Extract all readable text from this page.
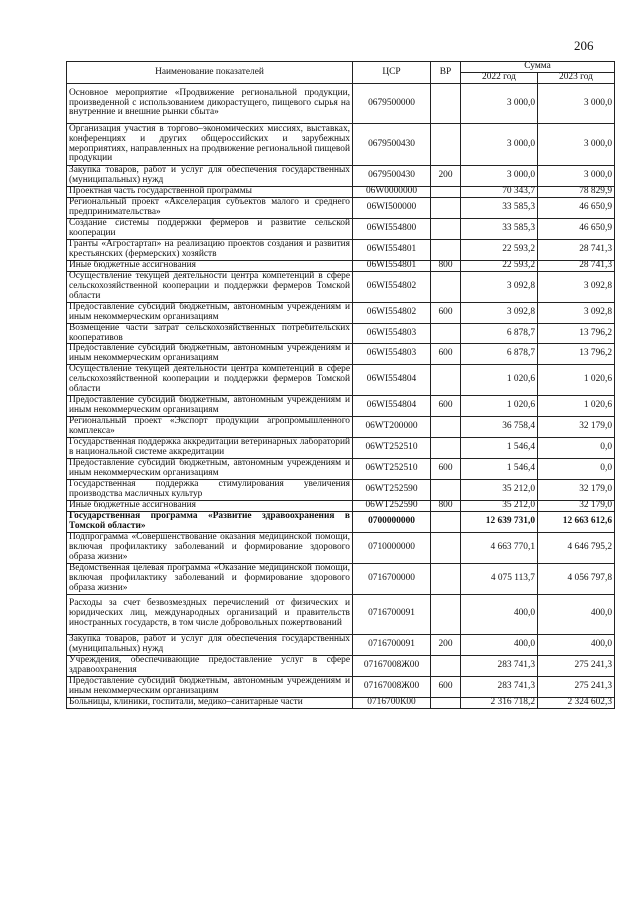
206
Наименование показателей	ЦСР	ВР	Сумма	
			2022 год	2023 год
Основное мероприятие «Продвижение региональной продукции, произведенной с использованием дикорастущего, пищевого сырья на внутренние и внешние рынки сбыта»	0679500000		3 000,0	3 000,0
Организация участия в торгово–экономических миссиях, выставках, конференциях и других общероссийских и зарубежных мероприятиях, направленных на продвижение региональной пищевой продукции	0679500430		3 000,0	3 000,0
Закупка товаров, работ и услуг для обеспечения государственных (муниципальных) нужд	0679500430	200	3 000,0	3 000,0
Проектная часть государственной программы	06W0000000		70 343,7	78 829,9
Региональный проект «Акселерация субъектов малого и среднего предпринимательства»	06WI500000		33 585,3	46 650,9
Создание системы поддержки фермеров и развитие сельской кооперации	06WI554800		33 585,3	46 650,9
Гранты «Агростартап» на реализацию проектов создания и развития крестьянских (фермерских) хозяйств	06WI554801		22 593,2	28 741,3
Иные бюджетные ассигнования	06WI554801	800	22 593,2	28 741,3
Осуществление текущей деятельности центра компетенций в сфере сельскохозяйственной кооперации и поддержки фермеров Томской области	06WI554802		3 092,8	3 092,8
Предоставление субсидий бюджетным, автономным учреждениям и иным некоммерческим организациям	06WI554802	600	3 092,8	3 092,8
Возмещение части затрат сельскохозяйственных потребительских кооперативов	06WI554803		6 878,7	13 796,2
Предоставление субсидий бюджетным, автономным учреждениям и иным некоммерческим организациям	06WI554803	600	6 878,7	13 796,2
Осуществление текущей деятельности центра компетенций в сфере сельскохозяйственной кооперации и поддержки фермеров Томской области	06WI554804		1 020,6	1 020,6
Предоставление субсидий бюджетным, автономным учреждениям и иным некоммерческим организациям	06WI554804	600	1 020,6	1 020,6
Региональный проект «Экспорт продукции агропромышленного комплекса»	06WT200000		36 758,4	32 179,0
Государственная поддержка аккредитации ветеринарных лабораторий в национальной системе аккредитации	06WT252510		1 546,4	0,0
Предоставление субсидий бюджетным, автономным учреждениям и иным некоммерческим организациям	06WT252510	600	1 546,4	0,0
Государственная поддержка стимулирования увеличения производства масличных культур	06WT252590		35 212,0	32 179,0
Иные бюджетные ассигнования	06WT252590	800	35 212,0	32 179,0
Государственная программа «Развитие здравоохранения в Томской области»	0700000000		12 639 731,0	12 663 612,6
Подпрограмма «Совершенствование оказания медицинской помощи, включая профилактику заболеваний и формирование здорового образа жизни»	0710000000		4 663 770,1	4 646 795,2
Ведомственная целевая программа «Оказание медицинской помощи, включая профилактику заболеваний и формирование здорового образа жизни»	0716700000		4 075 113,7	4 056 797,8
Расходы за счет безвозмездных перечислений от физических и юридических лиц, международных организаций и правительств иностранных государств, в том числе добровольных пожертвований	0716700091		400,0	400,0
Закупка товаров, работ и услуг для обеспечения государственных (муниципальных) нужд	0716700091	200	400,0	400,0
Учреждения, обеспечивающие предоставление услуг в сфере здравоохранения	07167008Ж00		283 741,3	275 241,3
Предоставление субсидий бюджетным, автономным учреждениям и иным некоммерческим организациям	07167008Ж00	600	283 741,3	275 241,3
Больницы, клиники, госпитали, медико–санитарные части	0716700К00		2 316 718,2	2 324 602,3
